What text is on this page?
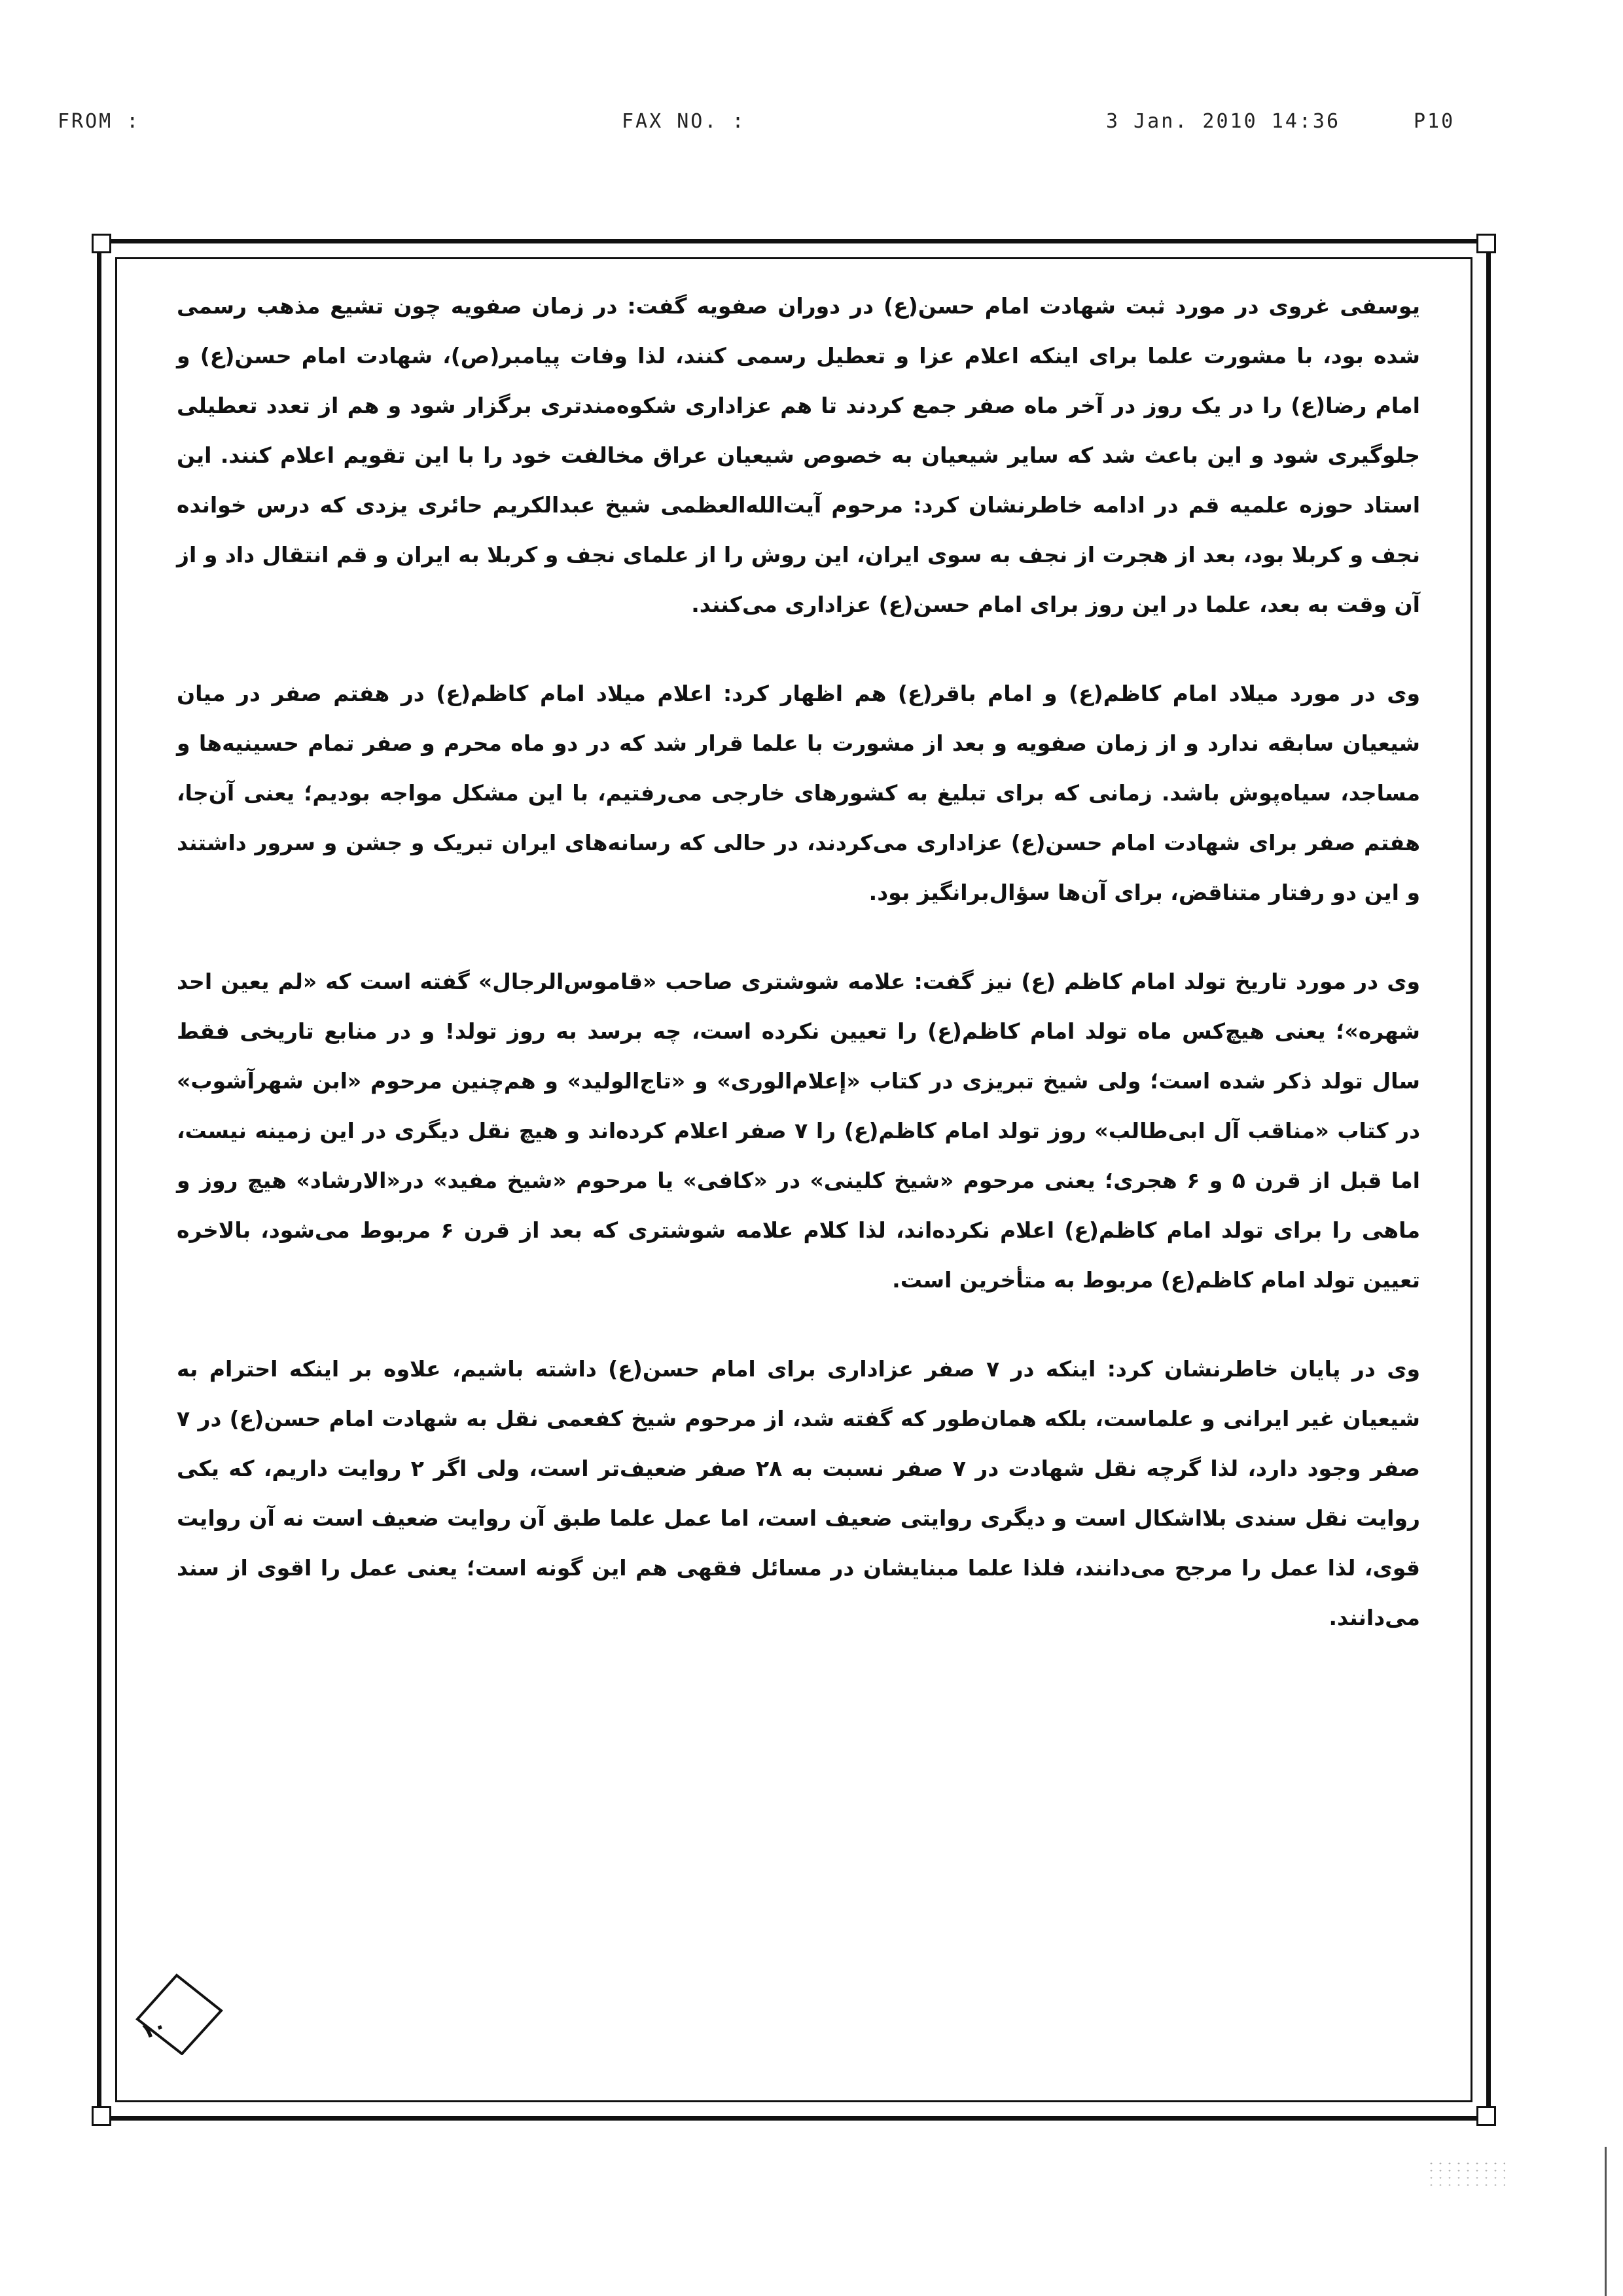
FROM :	FAX NO. :	3 Jan. 2010 14:36	P10

یوسفی غروی در مورد ثبت شهادت امام حسن(ع) در دوران صفویه گفت: در زمان صفویه چون تشیع مذهب رسمی شده بود، با مشورت علما برای اینکه اعلام عزا و تعطیل رسمی کنند، لذا وفات پیامبر(ص)، شهادت امام حسن(ع) و امام رضا(ع) را در یک روز در آخر ماه صفر جمع کردند تا هم عزاداری شکوه‌مندتری برگزار شود و هم از تعدد تعطیلی جلوگیری شود و این باعث شد که سایر شیعیان به خصوص شیعیان عراق مخالفت خود را با این تقویم اعلام کنند. این استاد حوزه علمیه قم در ادامه خاطرنشان کرد: مرحوم آیت‌الله‌العظمی شیخ عبدالکریم حائری یزدی که درس خوانده نجف و کربلا بود، بعد از هجرت از نجف به سوی ایران، این روش را از علمای نجف و کربلا به ایران و قم انتقال داد و از آن وقت به بعد، علما در این روز برای امام حسن(ع) عزاداری می‌کنند.

وی در مورد میلاد امام کاظم(ع) و امام باقر(ع) هم اظهار کرد: اعلام میلاد امام کاظم(ع) در هفتم صفر در میان شیعیان سابقه ندارد و از زمان صفویه و بعد از مشورت با علما قرار شد که در دو ماه محرم و صفر تمام حسینیه‌ها و مساجد، سیاه‌پوش باشد. زمانی که برای تبلیغ به کشورهای خارجی می‌رفتیم، با این مشکل مواجه بودیم؛ یعنی آن‌جا، هفتم صفر برای شهادت امام حسن(ع) عزاداری می‌کردند، در حالی که رسانه‌های ایران تبریک و جشن و سرور داشتند و این دو رفتار متناقض، برای آن‌ها سؤال‌برانگیز بود.

وی در مورد تاریخ تولد امام کاظم (ع) نیز گفت: علامه شوشتری صاحب «قاموس‌الرجال» گفته است که «لم یعین احد شهره»؛ یعنی هیچ‌کس ماه تولد امام کاظم(ع) را تعیین نکرده است، چه برسد به روز تولد! و در منابع تاریخی فقط سال تولد ذکر شده است؛ ولی شیخ تبریزی در کتاب «إعلام‌الوری» و «تاج‌الولید» و هم‌چنین مرحوم «ابن شهرآشوب» در کتاب «مناقب آل ابی‌طالب» روز تولد امام کاظم(ع) را ۷ صفر اعلام کرده‌اند و هیچ نقل دیگری در این زمینه نیست، اما قبل از قرن ۵ و ۶ هجری؛ یعنی مرحوم «شیخ کلینی» در «کافی» یا مرحوم «شیخ مفید» در«الارشاد» هیچ روز و ماهی را برای تولد امام کاظم(ع) اعلام نکرده‌اند، لذا کلام علامه شوشتری که بعد از قرن ۶ مربوط می‌شود، بالاخره تعیین تولد امام کاظم(ع) مربوط به متأخرین است.

وی در پایان خاطرنشان کرد: اینکه در ۷ صفر عزاداری برای امام حسن(ع) داشته باشیم، علاوه بر اینکه احترام به شیعیان غیر ایرانی و علماست، بلکه همان‌طور که گفته شد، از مرحوم شیخ کفعمی نقل به شهادت امام حسن(ع) در ۷ صفر وجود دارد، لذا گرچه نقل شهادت در ۷ صفر نسبت به ۲۸ صفر ضعیف‌تر است، ولی اگر ۲ روایت داریم، که یکی روایت نقل سندی بلااشکال است و دیگری روایتی ضعیف است، اما عمل علما طبق آن روایت ضعیف است نه آن روایت قوی، لذا عمل را مرجح می‌دانند، فلذا علما مبنایشان در مسائل فقهی هم این گونه است؛ یعنی عمل را اقوی از سند می‌دانند.

۱۰
